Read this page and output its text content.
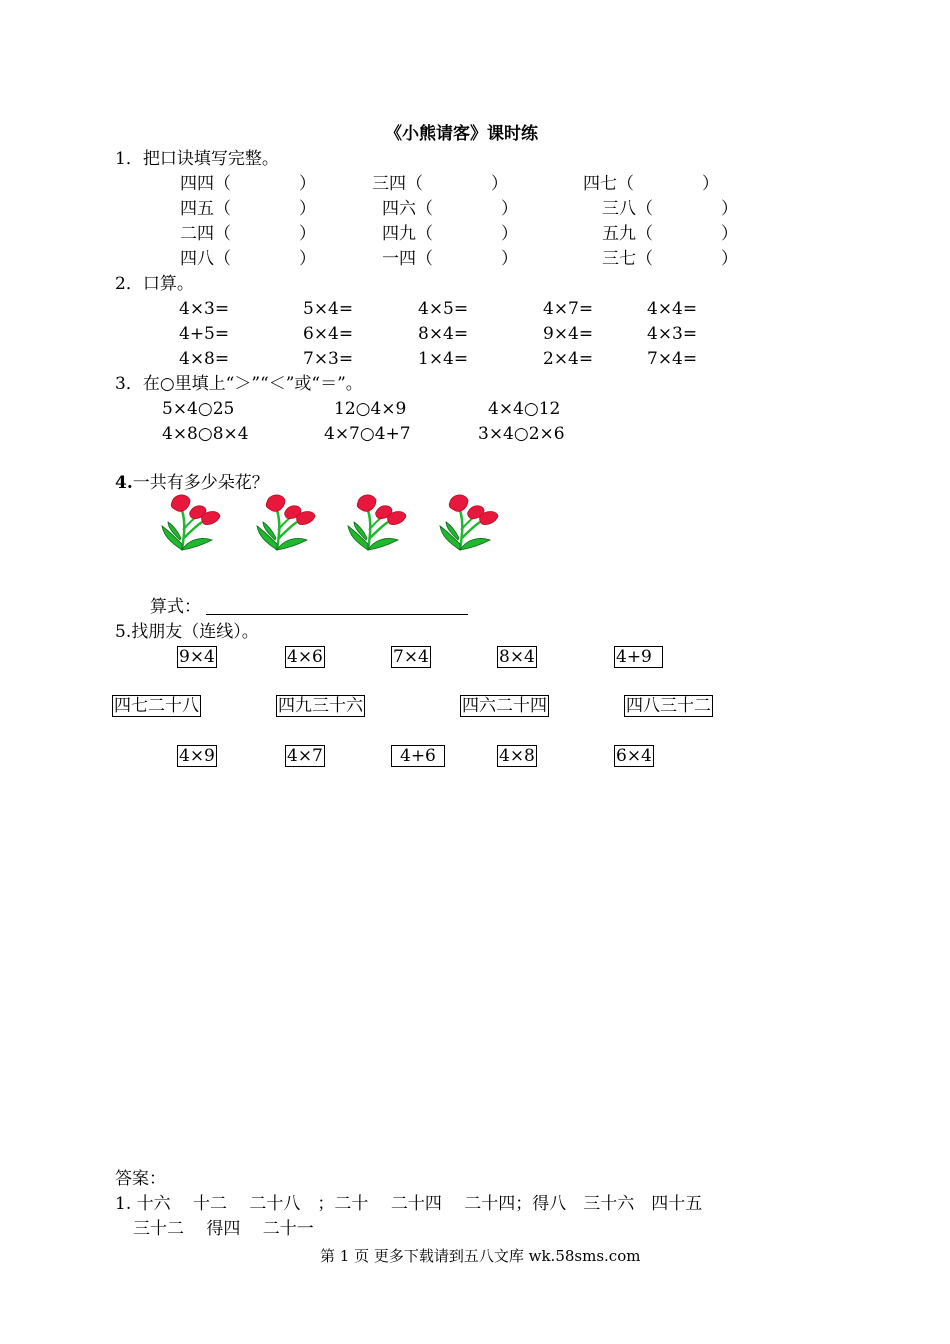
《小熊请客》课时练
1．把口诀填写完整。
四四（　　　　）	三四（　　　　）	四七（　　　　）
四五（　　　　）	四六（　　　　）	三八（　　　　）
二四（　　　　）	四九（　　　　）	五九（　　　　）
四八（　　　　）	一四（　　　　）	三七（　　　　）
2．口算。
4×3=	5×4=	4×5=	4×7=	4×4=
4+5=	6×4=	8×4=	9×4=	4×3=
4×8=	7×3=	1×4=	2×4=	7×4=
3．在○里填上“＞”“＜”或“＝”。
5×4○25	12○4×9	4×4○12
4×8○8×4	4×7○4+7	3×4○2×6
4.一共有多少朵花？
算式：
5.找朋友（连线）。
9×4	4×6	7×4	8×4	4+9
四七二十八	四九三十六	四六二十四	四八三十二
4×9	4×7	4+6	4×8	6×4
答案：
1. 十六　 十二　 二十八　；二十　 二十四　 二十四；得八　三十六　四十五
三十二　 得四　 二十一
第 1 页 更多下载请到五八文库 wk.58sms.com
